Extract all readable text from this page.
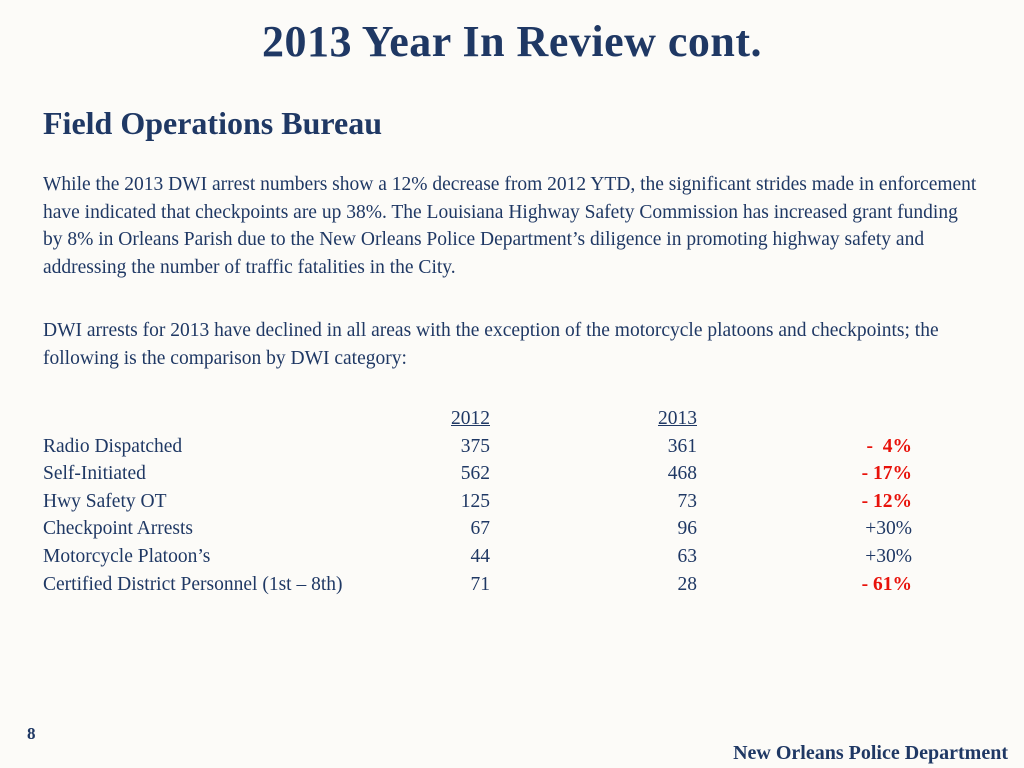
2013 Year In Review cont.
Field Operations Bureau

While the 2013 DWI arrest numbers show a 12% decrease from 2012 YTD, the significant strides made in enforcement have indicated that checkpoints are up 38%. The Louisiana Highway Safety Commission has increased grant funding by 8% in Orleans Parish due to the New Orleans Police Department’s diligence in promoting highway safety and addressing the number of traffic fatalities in the City.

DWI arrests for 2013 have declined in all areas with the exception of the motorcycle platoons and checkpoints; the following is the comparison by DWI category:

	2012	2013	
Radio Dispatched	375	361	-  4%
Self-Initiated	562	468	- 17%
Hwy Safety OT	125	73	- 12%
Checkpoint Arrests	67	96	+30%
Motorcycle Platoon’s	44	63	+30%
Certified District Personnel (1st – 8th)	71	28	- 61%
8
New Orleans Police Department
